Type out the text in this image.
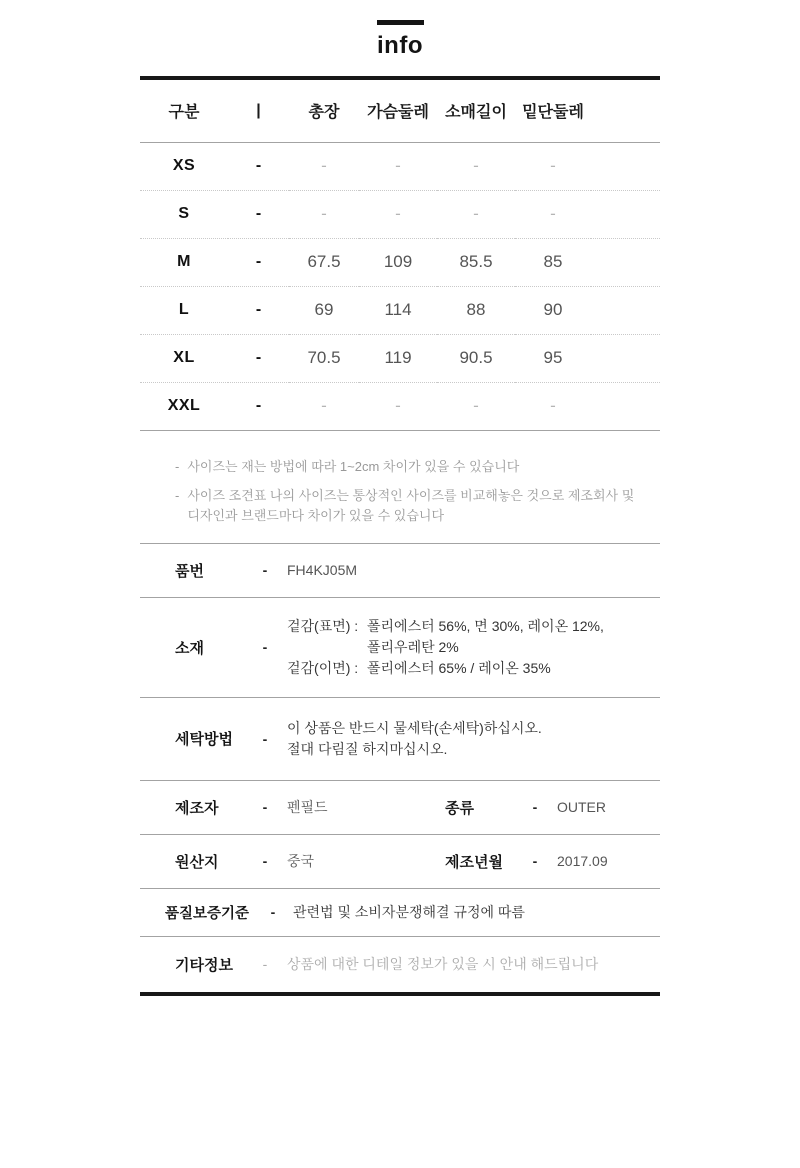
info
구분	|	총장	가슴둘레	소매길이	밑단둘레	
XS	-	-	-	-	-	
S	-	-	-	-	-	
M	-	67.5	109	85.5	85	
L	-	69	114	88	90	
XL	-	70.5	119	90.5	95	
XXL	-	-	-	-	-	
- 사이즈는 재는 방법에 따라 1~2cm 차이가 있을 수 있습니다
- 사이즈 조견표 나의 사이즈는 통상적인 사이즈를 비교해놓은 것으로 제조회사 및 디자인과 브랜드마다 차이가 있을 수 있습니다
품번	-	FH4KJ05M
소재	-
겉감(표면) : 폴리에스터 56%, 면 30%, 레이온 12%,
폴리우레탄 2%
겉감(이면) : 폴리에스터 65% / 레이온 35%
세탁방법	-
이 상품은 반드시 물세탁(손세탁)하십시오.
절대 다림질 하지마십시오.
제조자	-	펜필드	종류	-	OUTER
원산지	-	중국	제조년월	-	2017.09
품질보증기준	-	관련법 및 소비자분쟁해결 규정에 따름
기타정보	-	상품에 대한 디테일 정보가 있을 시 안내 해드립니다
